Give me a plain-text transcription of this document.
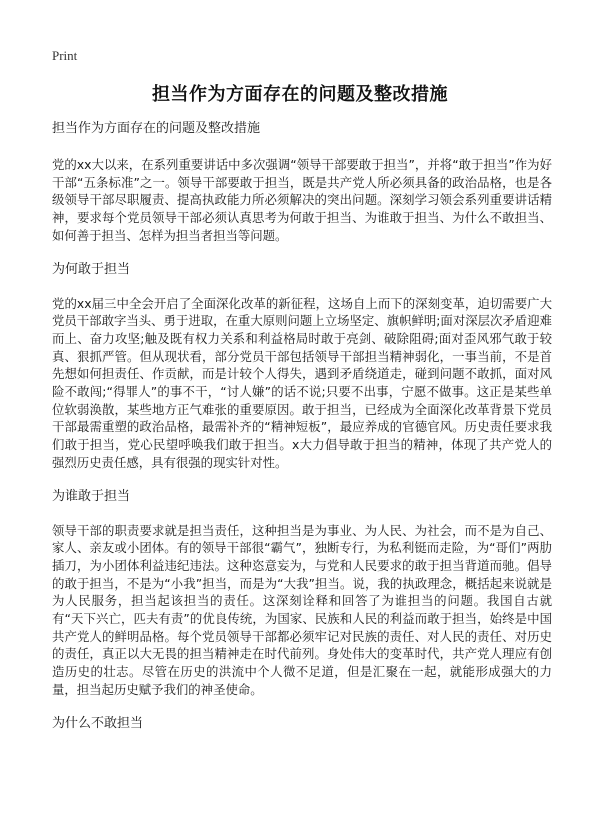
Print
担当作为方面存在的问题及整改措施

担当作为方面存在的问题及整改措施

党的xx大以来，在系列重要讲话中多次强调“领导干部要敢于担当”，并将“敢于担当”作为好干部“五条标准”之一。领导干部要敢于担当，既是共产党人所必须具备的政治品格，也是各级领导干部尽职履责、提高执政能力所必须解决的突出问题。深刻学习领会系列重要讲话精神，要求每个党员领导干部必须认真思考为何敢于担当、为谁敢于担当、为什么不敢担当、如何善于担当、怎样为担当者担当等问题。

为何敢于担当

党的xx届三中全会开启了全面深化改革的新征程，这场自上而下的深刻变革，迫切需要广大党员干部敢字当头、勇于进取，在重大原则问题上立场坚定、旗帜鲜明;面对深层次矛盾迎难而上、奋力攻坚;触及既有权力关系和利益格局时敢于亮剑、破除阻碍;面对歪风邪气敢于较真、狠抓严管。但从现状看，部分党员干部包括领导干部担当精神弱化，一事当前，不是首先想如何担责任、作贡献，而是计较个人得失，遇到矛盾绕道走，碰到问题不敢抓，面对风险不敢闯;“得罪人”的事不干，“讨人嫌”的话不说;只要不出事，宁愿不做事。这正是某些单位软弱涣散，某些地方正气难张的重要原因。敢于担当，已经成为全面深化改革背景下党员干部最需重塑的政治品格，最需补齐的“精神短板”，最应养成的官德官风。历史责任要求我们敢于担当，党心民望呼唤我们敢于担当。x大力倡导敢于担当的精神，体现了共产党人的强烈历史责任感，具有很强的现实针对性。

为谁敢于担当

领导干部的职责要求就是担当责任，这种担当是为事业、为人民、为社会，而不是为自己、家人、亲友或小团体。有的领导干部很“霸气”，独断专行，为私利铤而走险，为“哥们”两肋插刀，为小团体利益违纪违法。这种恣意妄为，与党和人民要求的敢于担当背道而驰。倡导的敢于担当，不是为“小我”担当，而是为“大我”担当。说，我的执政理念，概括起来说就是为人民服务，担当起该担当的责任。这深刻诠释和回答了为谁担当的问题。我国自古就有“天下兴亡，匹夫有责”的优良传统，为国家、民族和人民的利益而敢于担当，始终是中国共产党人的鲜明品格。每个党员领导干部都必须牢记对民族的责任、对人民的责任、对历史的责任，真正以大无畏的担当精神走在时代前列。身处伟大的变革时代，共产党人理应有创造历史的壮志。尽管在历史的洪流中个人微不足道，但是汇聚在一起，就能形成强大的力量，担当起历史赋予我们的神圣使命。

为什么不敢担当
